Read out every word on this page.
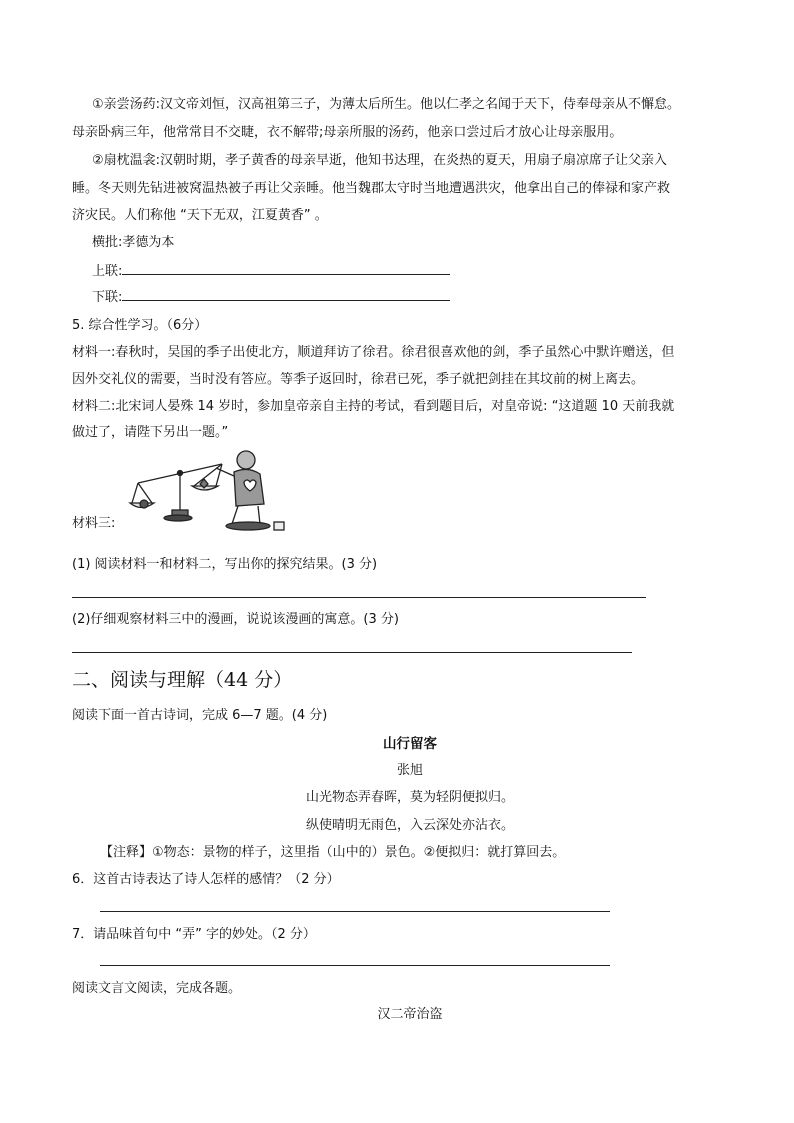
①亲尝汤药:汉文帝刘恒，汉高祖第三子，为薄太后所生。他以仁孝之名闻于天下，侍奉母亲从不懈怠。
母亲卧病三年，他常常目不交睫，衣不解带;母亲所服的汤药，他亲口尝过后才放心让母亲服用。
②扇枕温衾:汉朝时期，孝子黄香的母亲早逝，他知书达理，在炎热的夏天，用扇子扇凉席子让父亲入
睡。冬天则先钻进被窝温热被子再让父亲睡。他当魏郡太守时当地遭遇洪灾，他拿出自己的俸禄和家产救
济灾民。人们称他 “天下无双，江夏黄香” 。
横批:孝德为本
上联:
下联:
5. 综合性学习。（6分）
材料一:春秋时，吴国的季子出使北方，顺道拜访了徐君。徐君很喜欢他的剑，季子虽然心中默许赠送，但
因外交礼仪的需要，当时没有答应。等季子返回时，徐君已死，季子就把剑挂在其坟前的树上离去。
材料二:北宋词人晏殊 14 岁时，参加皇帝亲自主持的考试，看到题目后，对皇帝说: “这道题 10 天前我就
做过了，请陛下另出一题。”
材料三:
(1) 阅读材料一和材料二，写出你的探究结果。(3 分)
(2)仔细观察材料三中的漫画，说说该漫画的寓意。(3 分)
二、阅读与理解（44 分）
阅读下面一首古诗词，完成 6—7 题。(4 分)
山行留客
张旭
山光物态弄春晖，莫为轻阴便拟归。
纵使晴明无雨色，入云深处亦沾衣。
【注释】①物态：景物的样子，这里指（山中的）景色。②便拟归：就打算回去。
6．这首古诗表达了诗人怎样的感情？（2 分）
7．请品味首句中 “弄” 字的妙处。（2 分）
阅读文言文阅读，完成各题。
汉二帝治盗
